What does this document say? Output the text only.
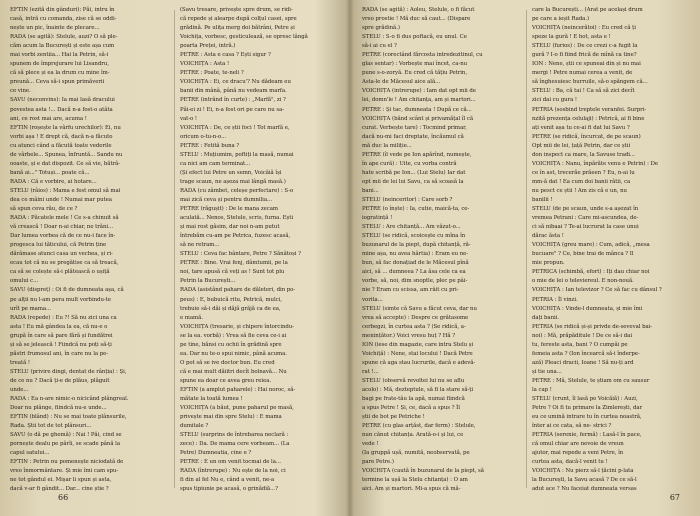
EFTIN (ezită din gânduri): Păi, intru în
casă, intră cu comanda, zise că se oddi-
nește un pic, înainte de plecare...
RADA (se agită): Stelule, auzi? O să ple-
căm acum la București și este așa cum
mai vorbi zentiia... Hai la Petrin, să-i
spunem de împrejurare lui Lisandru,
că să plece și ea la drum cu mine îm-
preună... Ceva să-i spun primăverii
ce vine.
SAVU (neconvins): Ia mai lasă dracului
povestea asta !... Dacă n-a fost-o atâta
ani, ce rost mai are, acuma !
EFTIN (roșește la vârfu urechilor): Ei, nu
vorbi așa ! E drept că, dacă n-a făcuto
cu atunci când a făcută toate vederile
de vârbele... Spunea, înfruntă... Sandu nu
ooaste, și e dat dispozit. Ce să vie, bătrâ-
bană ai..." Totuși... poate că...
RADA : Că e vorbire, ai hotare...
STELU (râios) : Mama e fest omul să mai
dea ce mâini unde ! Numai mar putea
să spun ceva rău, de ce ?
RADA : Păcatele mele ! Ce s-a chinuit să
vă crească ! Doar n-ai chiar, ne trăni...
Dar lumea vorbea că de ce nu-i face în-
progesca lui tăticului, că Petrin ține
dărâmase atunci casa un vechea, și ri-
ecau tot că nu se pregătise ca să treacă,
ca să se colește să-i plătească o ușiță
omului c...
SAVU (dispreț) : Oi fi de dumneata așa, că
pe alții nu l-am pera mult vorbindu-te
urît pe mama...
RADA (repede) : Eu ?! Să nu zici una ca
asta ! Eu mă gândea la ea, că nu-e o
grupă în care să pare fără și fundătrei
și să se jelească ! Fiindcă nu poți să-ți
păstri frumosul ani, în care nu la pe-
treată !
STELU (privire dingi, dentat de rânția) : Și,
de ce nu ? Dacă ți-e de plăus, plăguit
unde...
RADA : Ea n-are nimic-o nicicând plângreal.
Doar nu plânge, fiindcă nu-e unde...
EFTIN (blând) : Nu se mai toate plânsurile,
Rada. Știi tot de tot plânsuri...
SAVU (o dă pe ghemă) : Nai ! Păi, cind se
pornește dealu pe pârîi, se scade până la
capul satului...
EFTIN : Petrin nu pomenește niciodată de
vreo înmormântare. Și mie îmi cam spu-
ne tot gândul ei. Mișar li spun și asta,
dacă v-ar fi gândit... Dar... cine știe ?
(Savu tresare, privește spre drum, se ridi-
că repede și alearpe după colțul casei, spre
grădină. Pe ulița merg doi bătrâni, Petre și
Voichița, vorbesc, gesticulează, se opresc lângă
poarta Preței, intră.)
PETRE : Asta e casa ? Ești sigur ?
VOICHIȚA : Asta !
PETRE : Poate, te-neli ?
VOICHIȚA : Ei, ce dracu'? Nu dădeam eu
banii din mânâ, până nu vedeam marfa.
PETRE (intrând în curte) : „Marfă", zi ?
Păi-ei zi ! Ei, n-a fost ori pe care nu sa-
vat-o !
VOICHIȚA : De, ce știi foci ! Tot marfă e,
oricum o-tu-n-o...
PETRE : Fetită buna ?
STELU : Muțiumim, poftiți la masă, numai
ca nici am cam terminat...
(Și efect lui Petre un semn, Voicăiă își
trage scaun, ne așeza mai lângă masă.)
RADA (cu zâmbet, celeșe perfectare) : S-o
mai zică ceva și pentru dumnilia...
PETRE (răgușit) : De le mana zecam
aculată... Nenos, Stelule, scris, furna. Ești
și mai rost gâsim, dar noi n-am putut
întrebăm cu-am pe Petrica, fuzesc acasă,
să ne retram...
STELU : Ceva fac bântare, Petre ? Sănătoși ?
PETRE : Bine. Vrai fenj, dâmtumii, pe la
noi, tare apusă că veți as ! Sunt tot plu
Petrin la București...
RADA (asistând pahare de dăleteri, din po-
peus) : E, bubuică ritu, Petrică, mulci,
trebuie să-i dăi și dăjă grăjă ca de ea,
e mamă.
VOICHIȚA (tresarie, și chipere întorcindu-
se la ea. vorbă) : Vrea să fie ceva ce-i ai
pe tine, bănsi cu ochii în grădină spre
ea. Dar nu te-o spui nimic, până acuma.
O pot să se ive doctor bun. Eu cred
că e mai mult dăiitri decît bolnavă... Nu
spune ea doar ce avea greu reiea.
EFTIN (a amplut paharele) : Hai noroc, să-
mătate la toată lumea !
VOICHIȚA (a băut, pune paharul pe masă,
privește mai din spre Stelu) : E mama
dumitale ?
STELU (surprins de întrebarea neclară :
zece) : Da. De mama cere vorbeam... (La
Petre) Dumneatia, cine e ?
PETRE : E un om venit tocmai de la...
RADA (întrerupe) : Nu ește de la noi, ci
fi din al fel Nu e, când a venit, ne-a
spus tipiunie pe acasă, o grinădiă...?
66
RADA (se agită) : Aoleu, Stelule, o fi făcut
vreo prostie ! Mă duc să caut... (Dispare
spre grădină.)
STELU : S-o fi dus poftacă, eu unul. Ce
să-i ai cu el ?
PETRE (corectând fărcosta intredezitinul, cu
glas sentar) : Vorbește mai încet, ca-nu
pune s-o-zoryă. Eu cred că tățiu Petrin,
Asta-le de Măcesul aice ală...
VOICHIȚA (intrerupe) : Iam dat opt mii de
lei, domn'le ! Am chitanța, am și martori...
PETRE : Și tac, dumneata ! După ce că...
VOICHIȚA (bănd scânt și privamățal îl că
curat. Verbește tare) : Tocmind primar,
dacă nu-mi faci dreptate, încăumul că
mă duc la miliție...
PETRE (îl vede pe Ion apărînd, numește,
în ape cură) : Uite, cu vorba contră
hate scribă pe Ion... (Lui Stelu) Iar dat
opt mii de lei lui Savu, ca să scoasă la
bani...
STELU (neinceritor) : Care sorb ?
PETRE (o înște) : Ia, cutie, maică-ta, ce-
iogratință !
STELU : Are chitanță... Am văzut-o...
STELU (se ridică, scoicește cu mîna în
buzunarul de la piept, după chitanță, ră-
mine așa, nu avea hârtia) : Eram eu ne-
bun, să fac donațiad de le Măcesul pînă
aici, să ... dumneea ? La ăsa cele ca ea
vorbe, să, noi, dim snoptle, plec pe pâi-
nie ? Eram cu scissa, am râit cu pri-
vorita...
STELU (simte că Savu a făcut ceva, dar nu
vrea să accepte) : Despre ce grătasome
cerbegzi, în curtea asta ? (Se ridică, a-
menințător.) Voici vresu huț ? Hă ?
ION (iese din magazie, care intra Stelu și
Voichiță) : Nene, stai locului ! Dacă Petre
spune că aga stau lucrurile, dacă e adevă-
rat !...
STELU (observă revoltei lui nu se aflu
acolo) : Mă, dezteptule, să fi la stare să-ți
bagi pe frate-tău la apă, numai fiindcă
a spus Petre ! Și, ce, dacă a spus ? Îl
știi de bot pe Petriche !
PETRE (cu glas arțăst, dar ferm) : Stelule,
nun cănut chitanța. Arată-o-i și lui, ce
vede !
(Ia gruppă ușă, numită, neobservată, pe
pare Petre.)
VOICHIȚA (caută în buzunarul de la piept, să
termine la ușă la Stelu chitanța) : O am
aici. Am și martori. Mi-a spus că mă-
care la București... (Arat pe același drum
pe care a ieșit Rada.)
VOICHIȚA (neincerătoi) : Eu cred că ți
speze la gură ! E hot, asta e !
STELU (furios) : De ce crezi c-a fugit la
gură ? I-o fi fiind frică de mînă ca tine?
ION : Nene, știi ce spuneai din și nu mai
mergi ! Petre numai cerea a venit, de
să înghesuiesc burruile, să-o spăngem că...
STELU : Ba, că tai ! Ca să să zici decît
zici dai cu gura !
PETRIA (sosbind treptele veranfei. Surpri-
nzită prezența celulaji) : Petricâ, ai fi bine
ați venit așa tu ce-ai fi dat lui Savu ?
PETRE (se ridică, încurcat, de pe scaun)
Opt mii de lei, țață Petrin, dar ce știi
don inspect ca mare, la Savuse tradi...
VOICHIȚA : Nanu, înpărăte venu e Petrin) : De
ce în ast, trecerăe prăeen ? Eu, n-ai lu
mm-ă dat ! Ea cum doi banii râtii, ca
nu pesct ce știi ! Am zis că e un, nu
banilii !
STELU (de pe scaun, unde s-a așezat în
vremea Petrani : Care mi-ascundea, de-
ci să nibaai ? Te-ai lucrurat la case unui
dărac ăsta !
VOICHIȚA (greu mare) : Cum, adică, „mesa
bucuare" ? Ce, bine trai de mânca ? Il
mie propun.
PETRICA (schimbă, efort) : Iți dau chiar noi
o mie de lei o televiereul. E non-nouă.
VOICHIȚA : Ian televizor ? Ce să fac cu dânsul ?
PETRIA : Îl vinzi.
VOICHIȚA : Vinde-l dumneata, și mie îmi
dați banii.
PETRIA (se ridică și-și privde de-seveval bai-
noi) : Mă, prăpăditule ! De ce să-i dai
tu, fereste asta, bani ? O cumpăi pe
femeia asta ? (Ion încearcă să-i înderpe-
ază) Pleaci dracii, Ioane ! Să nu-ți ard
și tie una...
PETRE : Mă, Stelule, te știam om cu sausur
la cap !
STELU (crunt, îl lasă pe Voicăiă) : Auzi,
Petre ? Oi fi tu primare la Zimlerești, dar
eu ce umină intrare tu în curtea noastră,
înter ai ce cata, să ne- strici ?
PETRIA (serenie, fermă) : Lasă-l în pace,
că omul chiar are nevoie de vreun
ajutor, mai repede a veni Petre, în
curtea asta, dacă-l venit tu !
VOICHIȚA : Nu pierz să-l țăcini p-lata
la București, la Savu acasă ? De ce să-l
adut ace ? Nu faceiat dumneata versas
67
